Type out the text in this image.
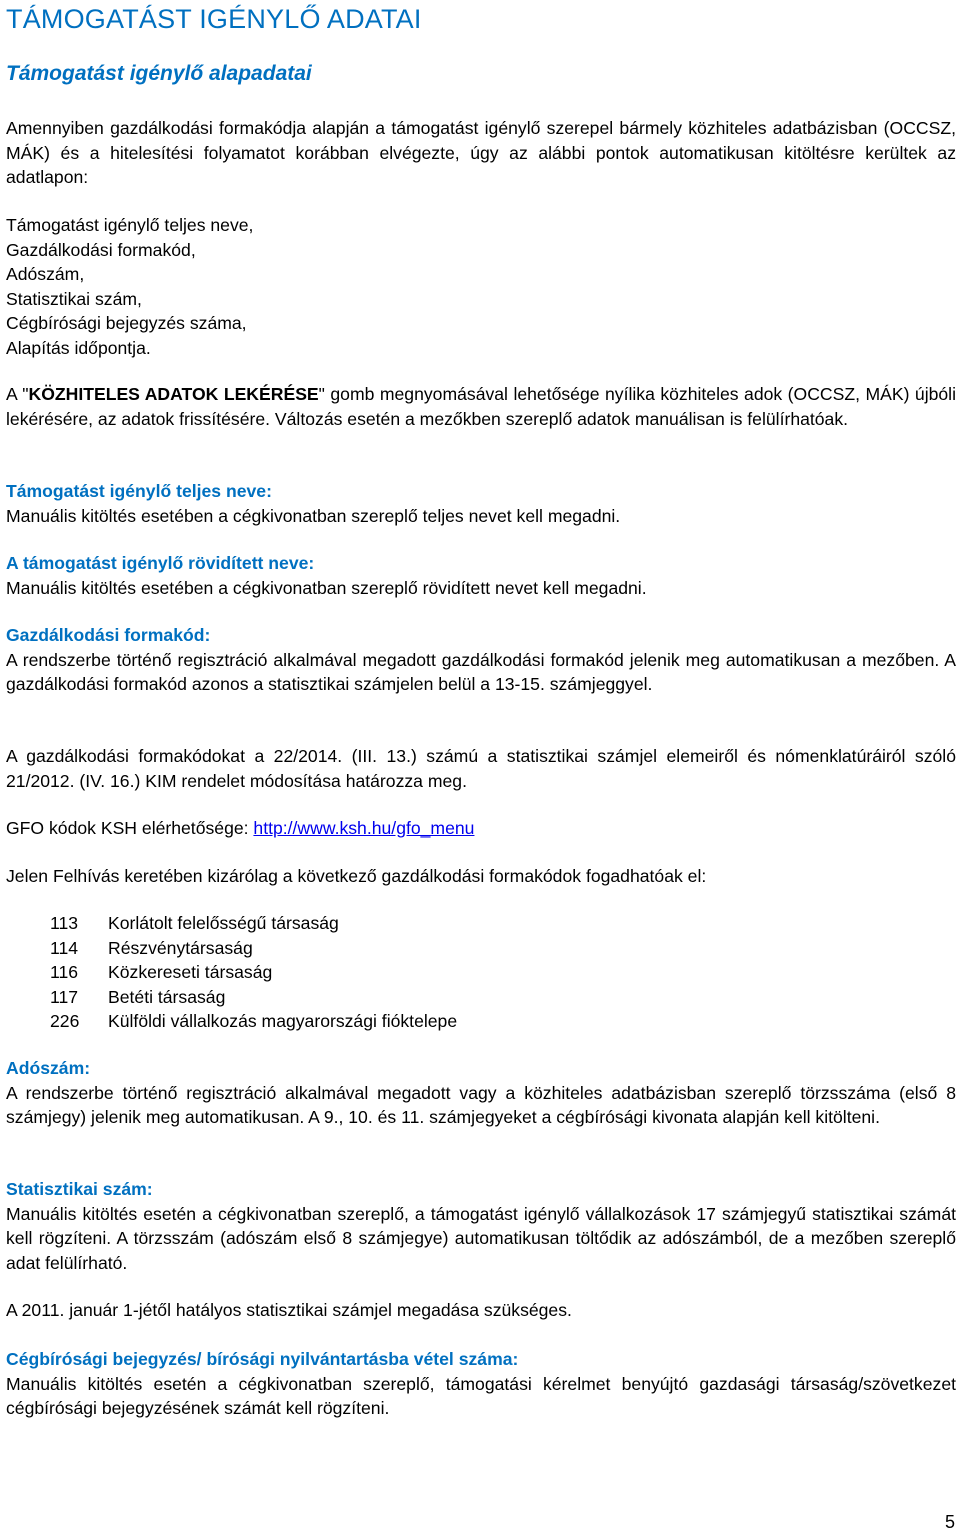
TÁMOGATÁST IGÉNYLŐ ADATAI
Támogatást igénylő alapadatai
Amennyiben gazdálkodási formakódja alapján a támogatást igénylő szerepel bármely közhiteles adatbázisban (OCCSZ, MÁK) és a hitelesítési folyamatot korábban elvégezte, úgy az alábbi pontok automatikusan kitöltésre kerültek az adatlapon:
Támogatást igénylő teljes neve,
Gazdálkodási formakód,
Adószám,
Statisztikai szám,
Cégbírósági bejegyzés száma,
Alapítás időpontja.
A "KÖZHITELES ADATOK LEKÉRÉSE" gomb megnyomásával lehetősége nyílika közhiteles adok (OCCSZ, MÁK) újbóli lekérésére, az adatok frissítésére. Változás esetén a mezőkben szereplő adatok manuálisan is felülírhatóak.
Támogatást igénylő teljes neve:
Manuális kitöltés esetében a cégkivonatban szereplő teljes nevet kell megadni.
A támogatást igénylő rövidített neve:
Manuális kitöltés esetében a cégkivonatban szereplő rövidített nevet kell megadni.
Gazdálkodási formakód:
A rendszerbe történő regisztráció alkalmával megadott gazdálkodási formakód jelenik meg automatikusan a mezőben. A gazdálkodási formakód azonos a statisztikai számjelen belül a 13-15. számjeggyel.
A gazdálkodási formakódokat a 22/2014. (III. 13.) számú a statisztikai számjel elemeiről és nómenklatúráiról szóló 21/2012. (IV. 16.) KIM rendelet módosítása határozza meg.
GFO kódok KSH elérhetősége: http://www.ksh.hu/gfo_menu
Jelen Felhívás keretében kizárólag a következő gazdálkodási formakódok fogadhatóak el:
113 Korlátolt felelősségű társaság
114 Részvénytársaság
116 Közkereseti társaság
117 Betéti társaság
226 Külföldi vállalkozás magyarországi fióktelepe
Adószám:
A rendszerbe történő regisztráció alkalmával megadott vagy a közhiteles adatbázisban szereplő törzsszáma (első 8 számjegy) jelenik meg automatikusan. A 9., 10. és 11. számjegyeket a cégbírósági kivonata alapján kell kitölteni.
Statisztikai szám:
Manuális kitöltés esetén a cégkivonatban szereplő, a támogatást igénylő vállalkozások 17 számjegyű statisztikai számát kell rögzíteni. A törzsszám (adószám első 8 számjegye) automatikusan töltődik az adószámból, de a mezőben szereplő adat felülírható.
A 2011. január 1-jétől hatályos statisztikai számjel megadása szükséges.
Cégbírósági bejegyzés/ bírósági nyilvántartásba vétel száma:
Manuális kitöltés esetén a cégkivonatban szereplő, támogatási kérelmet benyújtó gazdasági társaság/szövetkezet cégbírósági bejegyzésének számát kell rögzíteni.
5
